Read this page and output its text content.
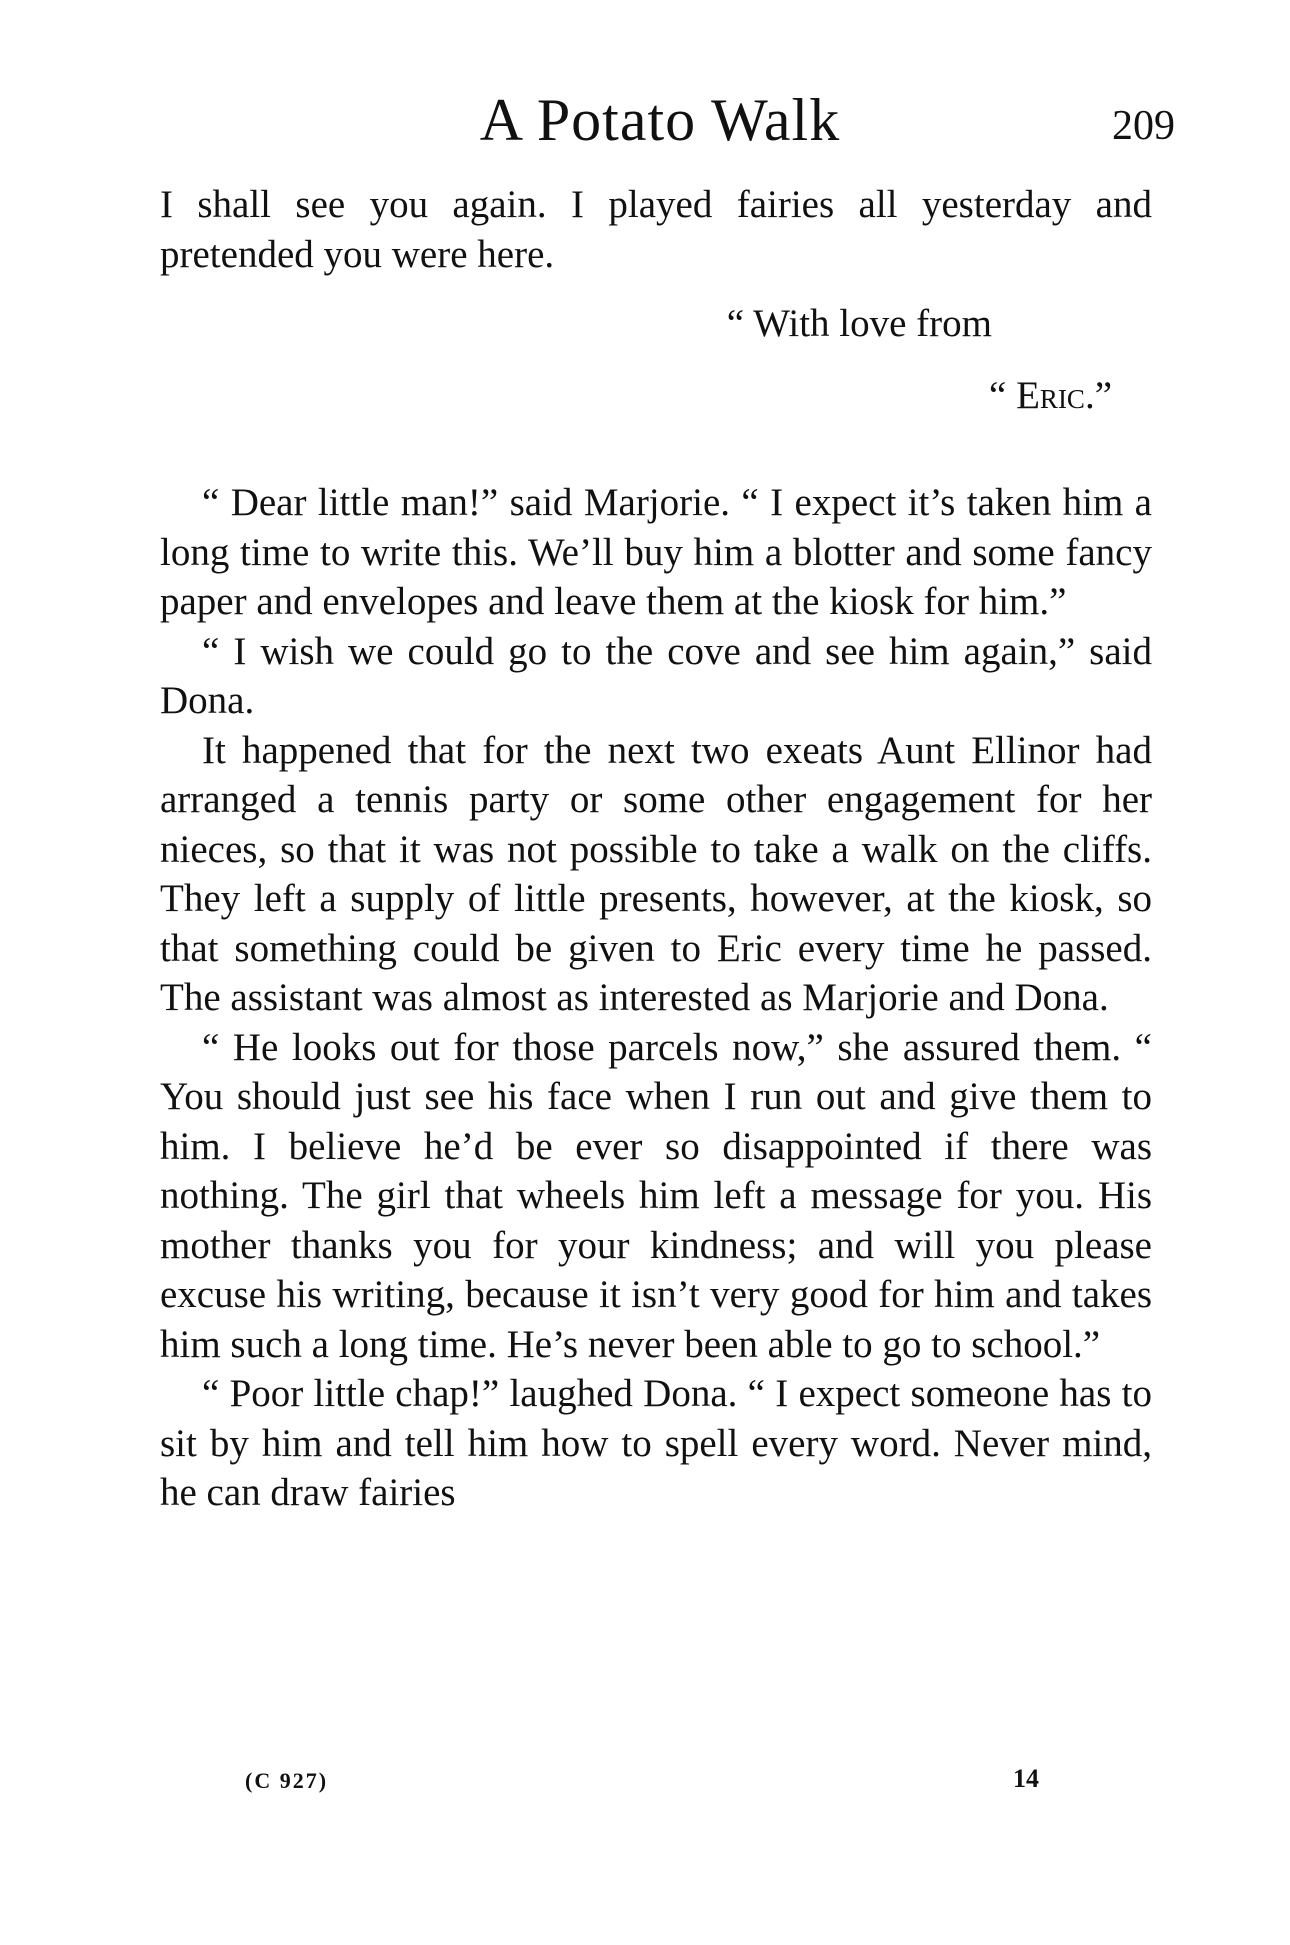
A Potato Walk	209

I shall see you again. I played fairies all yesterday and pretended you were here.

“ With love from

“ Eric.”

“ Dear little man!” said Marjorie. “ I expect it’s taken him a long time to write this. We’ll buy him a blotter and some fancy paper and envelopes and leave them at the kiosk for him.”

“ I wish we could go to the cove and see him again,” said Dona.

It happened that for the next two exeats Aunt Ellinor had arranged a tennis party or some other engagement for her nieces, so that it was not possible to take a walk on the cliffs. They left a supply of little presents, however, at the kiosk, so that something could be given to Eric every time he passed. The assistant was almost as interested as Marjorie and Dona.

“ He looks out for those parcels now,” she assured them. “ You should just see his face when I run out and give them to him. I believe he’d be ever so disappointed if there was nothing. The girl that wheels him left a message for you. His mother thanks you for your kindness; and will you please excuse his writing, because it isn’t very good for him and takes him such a long time. He’s never been able to go to school.”

“ Poor little chap!” laughed Dona. “ I expect someone has to sit by him and tell him how to spell every word. Never mind, he can draw fairies

(C 927)	14
